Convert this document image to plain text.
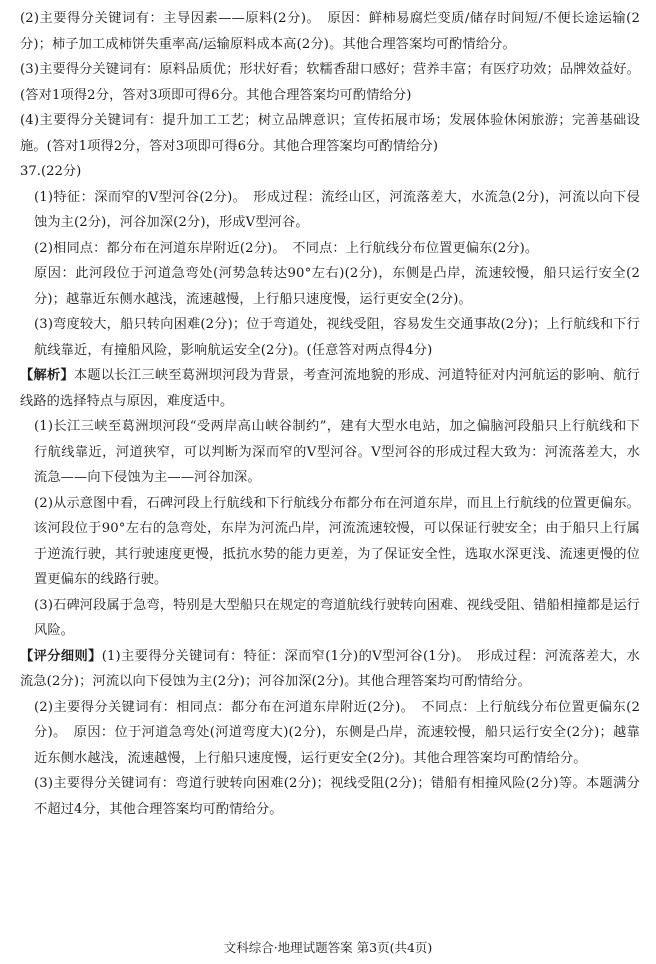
(2)主要得分关键词有：主导因素——原料(2分)。　原因：鲜柿易腐烂变质/储存时间短/不便长途运输(2分)；柿子加工成柿饼失重率高/运输原料成本高(2分)。其他合理答案均可酌情给分。

(3)主要得分关键词有：原料品质优；形状好看；软糯香甜口感好；营养丰富；有医疗功效；品牌效益好。(答对1项得2分，答对3项即可得6分。其他合理答案均可酌情给分)

(4)主要得分关键词有：提升加工工艺；树立品牌意识；宣传拓展市场；发展体验休闲旅游；完善基础设施。(答对1项得2分，答对3项即可得6分。其他合理答案均可酌情给分)

37.(22分)

(1)特征：深而窄的V型河谷(2分)。　形成过程：流经山区，河流落差大，水流急(2分)，河流以向下侵蚀为主(2分)，河谷加深(2分)，形成V型河谷。

(2)相同点：都分布在河道东岸附近(2分)。　不同点：上行航线分布位置更偏东(2分)。

原因：此河段位于河道急弯处(河势急转达90°左右)(2分)，东侧是凸岸，流速较慢，船只运行安全(2分)；越靠近东侧水越浅，流速越慢，上行船只速度慢，运行更安全(2分)。

(3)弯度较大，船只转向困难(2分)；位于弯道处，视线受阻，容易发生交通事故(2分)；上行航线和下行航线靠近，有撞船风险，影响航运安全(2分)。(任意答对两点得4分)

【解析】本题以长江三峡至葛洲坝河段为背景，考查河流地貌的形成、河道特征对内河航运的影响、航行线路的选择特点与原因，难度适中。

(1)长江三峡至葛洲坝河段“受两岸高山峡谷制约”，建有大型水电站，加之偏脑河段船只上行航线和下行航线靠近，河道狭窄，可以判断为深而窄的V型河谷。V型河谷的形成过程大致为：河流落差大，水流急——向下侵蚀为主——河谷加深。

(2)从示意图中看，石碑河段上行航线和下行航线分布都分布在河道东岸，而且上行航线的位置更偏东。该河段位于90°左右的急弯处，东岸为河流凸岸，河流流速较慢，可以保证行驶安全；由于船只上行属于逆流行驶，其行驶速度更慢，抵抗水势的能力更差，为了保证安全性，选取水深更浅、流速更慢的位置更偏东的线路行驶。

(3)石碑河段属于急弯，特别是大型船只在规定的弯道航线行驶转向困难、视线受阻、错船相撞都是运行风险。

【评分细则】(1)主要得分关键词有：特征：深而窄(1分)的V型河谷(1分)。　形成过程：河流落差大，水流急(2分)；河流以向下侵蚀为主(2分)；河谷加深(2分)。其他合理答案均可酌情给分。

(2)主要得分关键词有：相同点：都分布在河道东岸附近(2分)。　不同点：上行航线分布位置更偏东(2分)。　原因：位于河道急弯处(河道弯度大)(2分)，东侧是凸岸，流速较慢，船只运行安全(2分)；越靠近东侧水越浅，流速越慢，上行船只速度慢，运行更安全(2分)。其他合理答案均可酌情给分。

(3)主要得分关键词有：弯道行驶转向困难(2分)；视线受阻(2分)；错船有相撞风险(2分)等。本题满分不超过4分，其他合理答案均可酌情给分。

文科综合·地理试题答案 第3页(共4页)
